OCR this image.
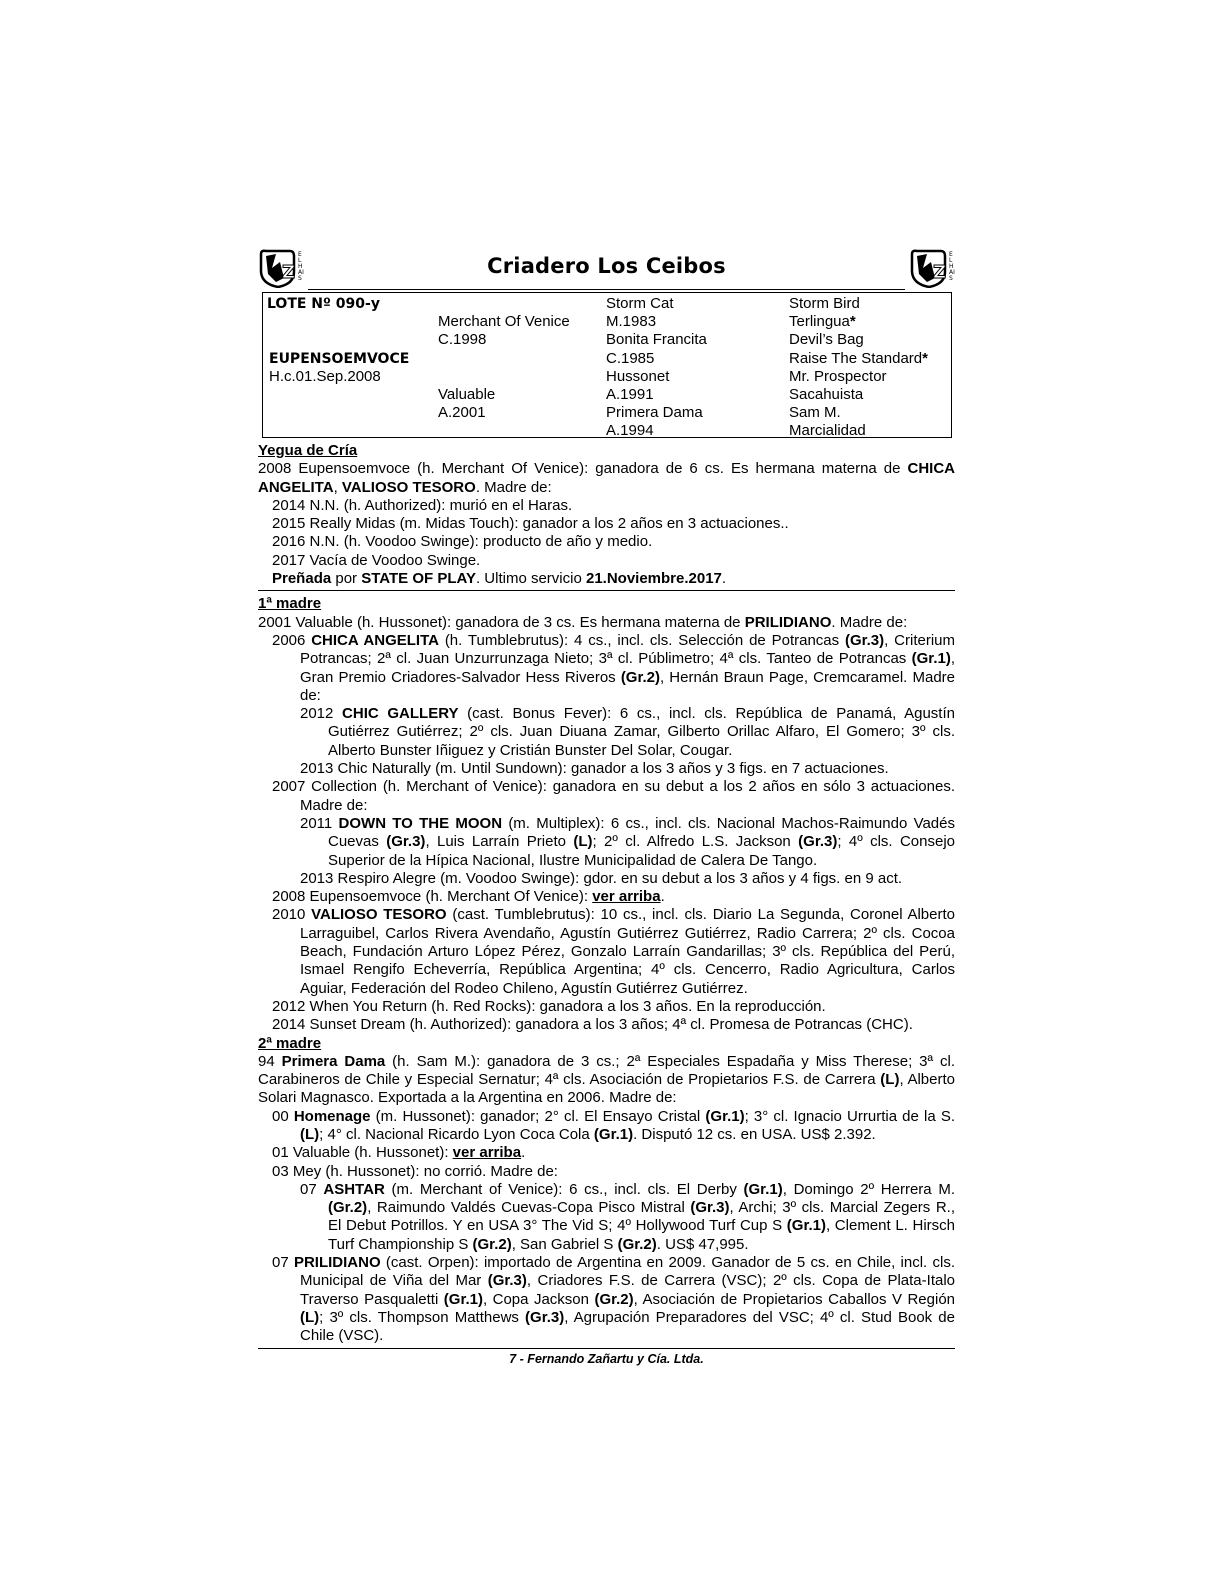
Z
ELHAIS
Criadero Los Ceibos	Z
ELHAIS
LOTE Nº 090-y
EUPENSOEMVOCE
H.c.01.Sep.2008
Merchant Of Venice
C.1998
Valuable
A.2001
Storm Cat
M.1983
Bonita Francita
C.1985
Hussonet
A.1991
Primera Dama
A.1994
Storm Bird
Terlingua*
Devil’s Bag
Raise The Standard*
Mr. Prospector
Sacahuista
Sam M.
Marcialidad
Yegua de Cría

2008 Eupensoemvoce (h. Merchant Of Venice): ganadora de 6 cs. Es hermana materna de CHICA ANGELITA, VALIOSO TESORO. Madre de:

2014 N.N. (h. Authorized): murió en el Haras.

2015 Really Midas (m. Midas Touch): ganador a los 2 años en 3 actuaciones..

2016 N.N. (h. Voodoo Swinge): producto de año y medio.

2017 Vacía de Voodoo Swinge.

Preñada por STATE OF PLAY. Ultimo servicio 21.Noviembre.2017.

1ª madre

2001 Valuable (h. Hussonet): ganadora de 3 cs. Es hermana materna de PRILIDIANO. Madre de:

2006 CHICA ANGELITA (h. Tumblebrutus): 4 cs., incl. cls. Selección de Potrancas (Gr.3), Criterium Potrancas; 2ª cl. Juan Unzurrunzaga Nieto; 3ª cl. Públimetro; 4ª cls. Tanteo de Potrancas (Gr.1), Gran Premio Criadores-Salvador Hess Riveros (Gr.2), Hernán Braun Page, Cremcaramel. Madre de:

2012 CHIC GALLERY (cast. Bonus Fever): 6 cs., incl. cls. República de Panamá, Agustín Gutiérrez Gutiérrez; 2º cls. Juan Diuana Zamar, Gilberto Orillac Alfaro, El Gomero; 3º cls. Alberto Bunster Iñiguez y Cristián Bunster Del Solar, Cougar.

2013 Chic Naturally (m. Until Sundown): ganador a los 3 años y 3 figs. en 7 actuaciones.

2007 Collection (h. Merchant of Venice): ganadora en su debut a los 2 años en sólo 3 actuaciones. Madre de:

2011 DOWN TO THE MOON (m. Multiplex): 6 cs., incl. cls. Nacional Machos-Raimundo Vadés Cuevas (Gr.3), Luis Larraín Prieto (L); 2º cl. Alfredo L.S. Jackson (Gr.3); 4º cls. Consejo Superior de la Hípica Nacional, Ilustre Municipalidad de Calera De Tango.

2013 Respiro Alegre (m. Voodoo Swinge): gdor. en su debut a los 3 años y 4 figs. en 9 act.

2008 Eupensoemvoce (h. Merchant Of Venice): ver arriba.

2010 VALIOSO TESORO (cast. Tumblebrutus): 10 cs., incl. cls. Diario La Segunda, Coronel Alberto Larraguibel, Carlos Rivera Avendaño, Agustín Gutiérrez Gutiérrez, Radio Carrera; 2º cls. Cocoa Beach, Fundación Arturo López Pérez, Gonzalo Larraín Gandarillas; 3º cls. República del Perú, Ismael Rengifo Echeverría, República Argentina; 4º cls. Cencerro, Radio Agricultura, Carlos Aguiar, Federación del Rodeo Chileno, Agustín Gutiérrez Gutiérrez.

2012 When You Return (h. Red Rocks): ganadora a los 3 años. En la reproducción.

2014 Sunset Dream (h. Authorized): ganadora a los 3 años; 4ª cl. Promesa de Potrancas (CHC).

2ª madre

94 Primera Dama (h. Sam M.): ganadora de 3 cs.; 2ª Especiales Espadaña y Miss Therese; 3ª cl. Carabineros de Chile y Especial Sernatur; 4ª cls. Asociación de Propietarios F.S. de Carrera (L), Alberto Solari Magnasco. Exportada a la Argentina en 2006. Madre de:

00 Homenage (m. Hussonet): ganador; 2° cl. El Ensayo Cristal (Gr.1); 3° cl. Ignacio Urrurtia de la S. (L); 4° cl. Nacional Ricardo Lyon Coca Cola (Gr.1). Disputó 12 cs. en USA. US$ 2.392.

01 Valuable (h. Hussonet): ver arriba.

03 Mey (h. Hussonet): no corrió. Madre de:

07 ASHTAR (m. Merchant of Venice): 6 cs., incl. cls. El Derby (Gr.1), Domingo 2º Herrera M. (Gr.2), Raimundo Valdés Cuevas-Copa Pisco Mistral (Gr.3), Archi; 3º cls. Marcial Zegers R., El Debut Potrillos. Y en USA 3° The Vid S; 4º Hollywood Turf Cup S (Gr.1), Clement L. Hirsch Turf Championship S (Gr.2), San Gabriel S (Gr.2). US$ 47,995.

07 PRILIDIANO (cast. Orpen): importado de Argentina en 2009. Ganador de 5 cs. en Chile, incl. cls. Municipal de Viña del Mar (Gr.3), Criadores F.S. de Carrera (VSC); 2º cls. Copa de Plata-Italo Traverso Pasqualetti (Gr.1), Copa Jackson (Gr.2), Asociación de Propietarios Caballos V Región (L); 3º cls. Thompson Matthews (Gr.3), Agrupación Preparadores del VSC; 4º cl. Stud Book de Chile (VSC).

7 - Fernando Zañartu y Cía. Ltda.
